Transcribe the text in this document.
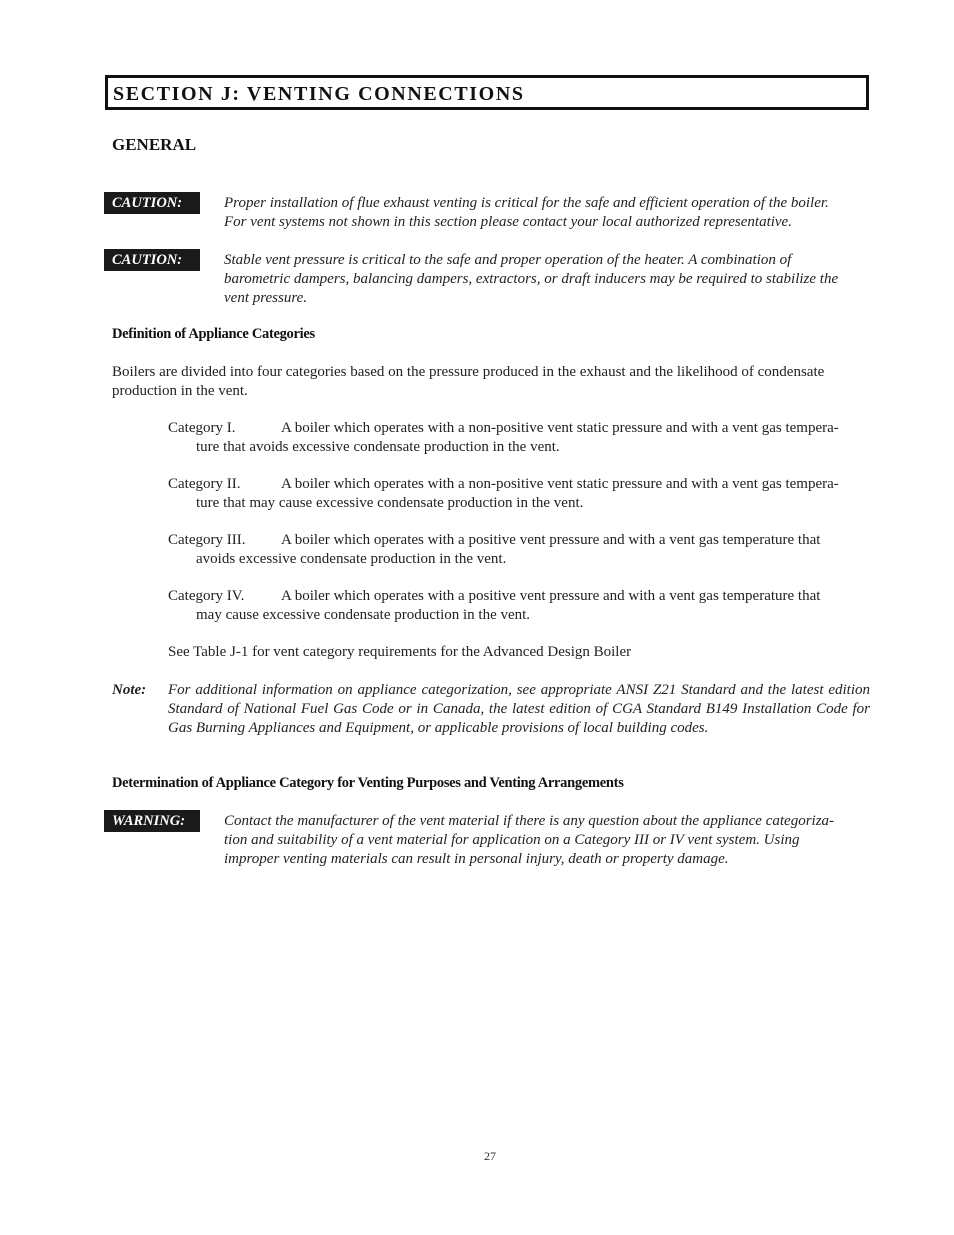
SECTION J: VENTING CONNECTIONS
GENERAL
CAUTION:	Proper installation of flue exhaust venting is critical for the safe and efficient operation of the boiler.
For vent systems not shown in this section please contact your local authorized representative.

CAUTION:	Stable vent pressure is critical to the safe and proper operation of the heater. A combination of
barometric dampers, balancing dampers, extractors, or draft inducers may be required to stabilize the
vent pressure.

Definition of Appliance Categories

Boilers are divided into four categories based on the pressure produced in the exhaust and the likelihood of condensate
production in the vent.

Category I.	A boiler which operates with a non-positive vent static pressure and with a vent gas tempera-
ture that avoids excessive condensate production in the vent.

Category II.	A boiler which operates with a non-positive vent static pressure and with a vent gas tempera-
ture that may cause excessive condensate production in the vent.

Category III. A boiler which operates with a positive vent pressure and with a vent gas temperature that
avoids excessive condensate production in the vent.

Category IV. A boiler which operates with a positive vent pressure and with a vent gas temperature that
may cause excessive condensate production in the vent.

See Table J-1 for vent category requirements for the Advanced Design Boiler

Note: For additional information on appliance categorization, see appropriate ANSI Z21 Standard and the latest edition Standard of National Fuel Gas Code or in Canada, the latest edition of CGA Standard B149 Installation Code for Gas Burning Appliances and Equipment, or applicable provisions of local building codes.

Determination of Appliance Category for Venting Purposes and Venting Arrangements
WARNING:	Contact the manufacturer of the vent material if there is any question about the appliance categoriza-
tion and suitability of a vent material for application on a Category III or IV vent system. Using
improper venting materials can result in personal injury, death or property damage.

27
